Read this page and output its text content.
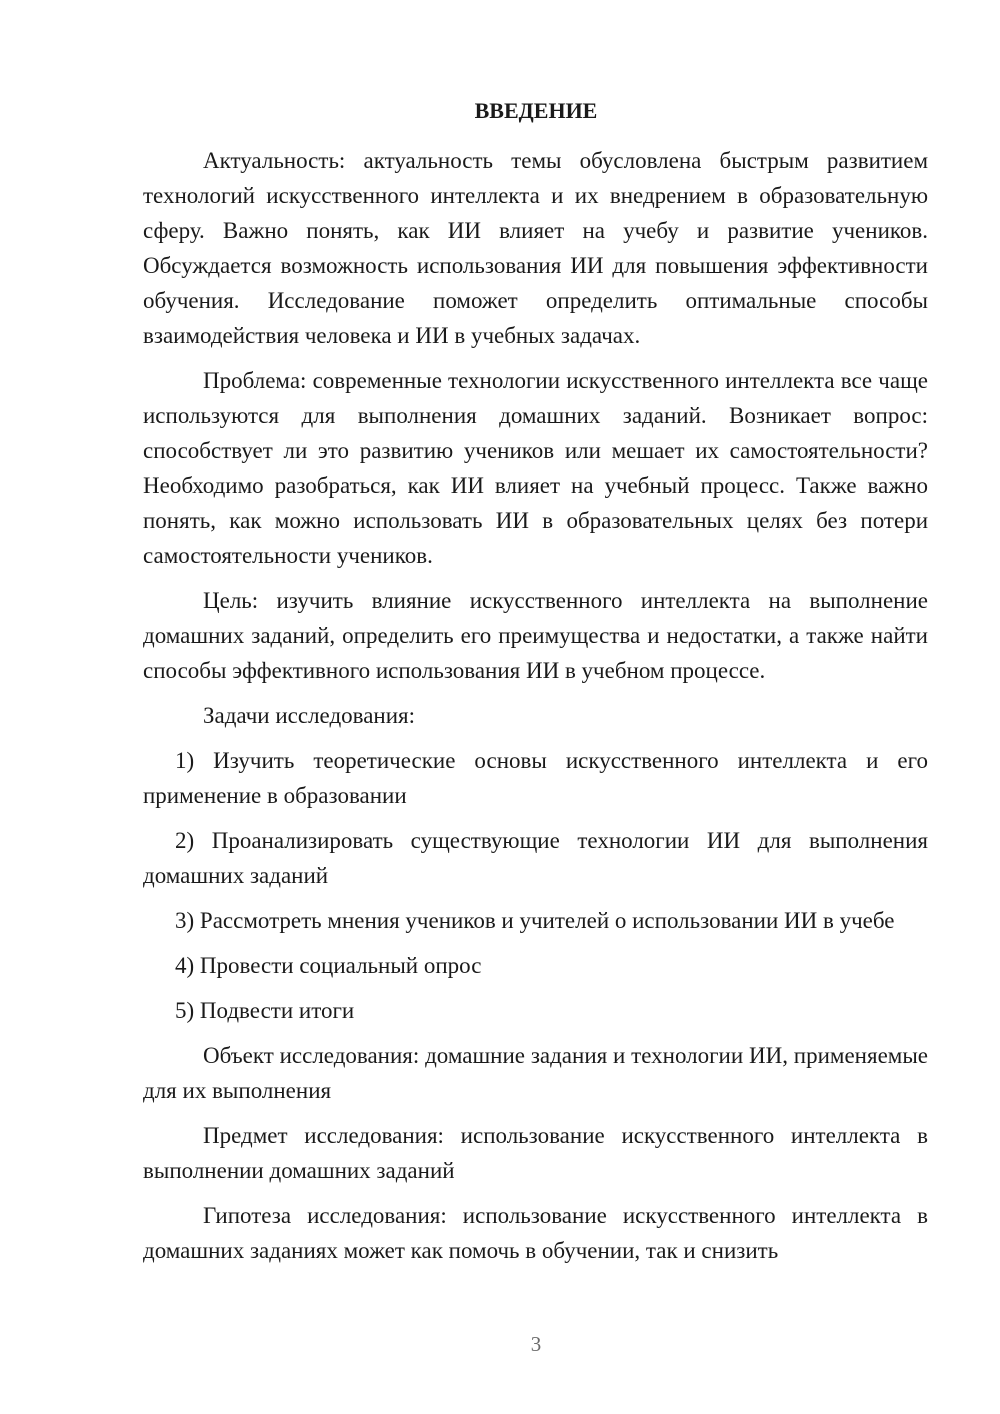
ВВЕДЕНИЕ

Актуальность: актуальность темы обусловлена быстрым развитием технологий искусственного интеллекта и их внедрением в образовательную сферу. Важно понять, как ИИ влияет на учебу и развитие учеников. Обсуждается возможность использования ИИ для повышения эффективности обучения. Исследование поможет определить оптимальные способы взаимодействия человека и ИИ в учебных задачах.

Проблема: современные технологии искусственного интеллекта все чаще используются для выполнения домашних заданий. Возникает вопрос: способствует ли это развитию учеников или мешает их самостоятельности? Необходимо разобраться, как ИИ влияет на учебный процесс. Также важно понять, как можно использовать ИИ в образовательных целях без потери самостоятельности учеников.

Цель: изучить влияние искусственного интеллекта на выполнение домашних заданий, определить его преимущества и недостатки, а также найти способы эффективного использования ИИ в учебном процессе.

Задачи исследования:

1) Изучить теоретические основы искусственного интеллекта и его применение в образовании

2) Проанализировать существующие технологии ИИ для выполнения домашних заданий

3) Рассмотреть мнения учеников и учителей о использовании ИИ в учебе

4) Провести социальный опрос

5) Подвести итоги

Объект исследования: домашние задания и технологии ИИ, применяемые для их выполнения

Предмет исследования: использование искусственного интеллекта в выполнении домашних заданий

Гипотеза исследования: использование искусственного интеллекта в домашних заданиях может как помочь в обучении, так и снизить

3
